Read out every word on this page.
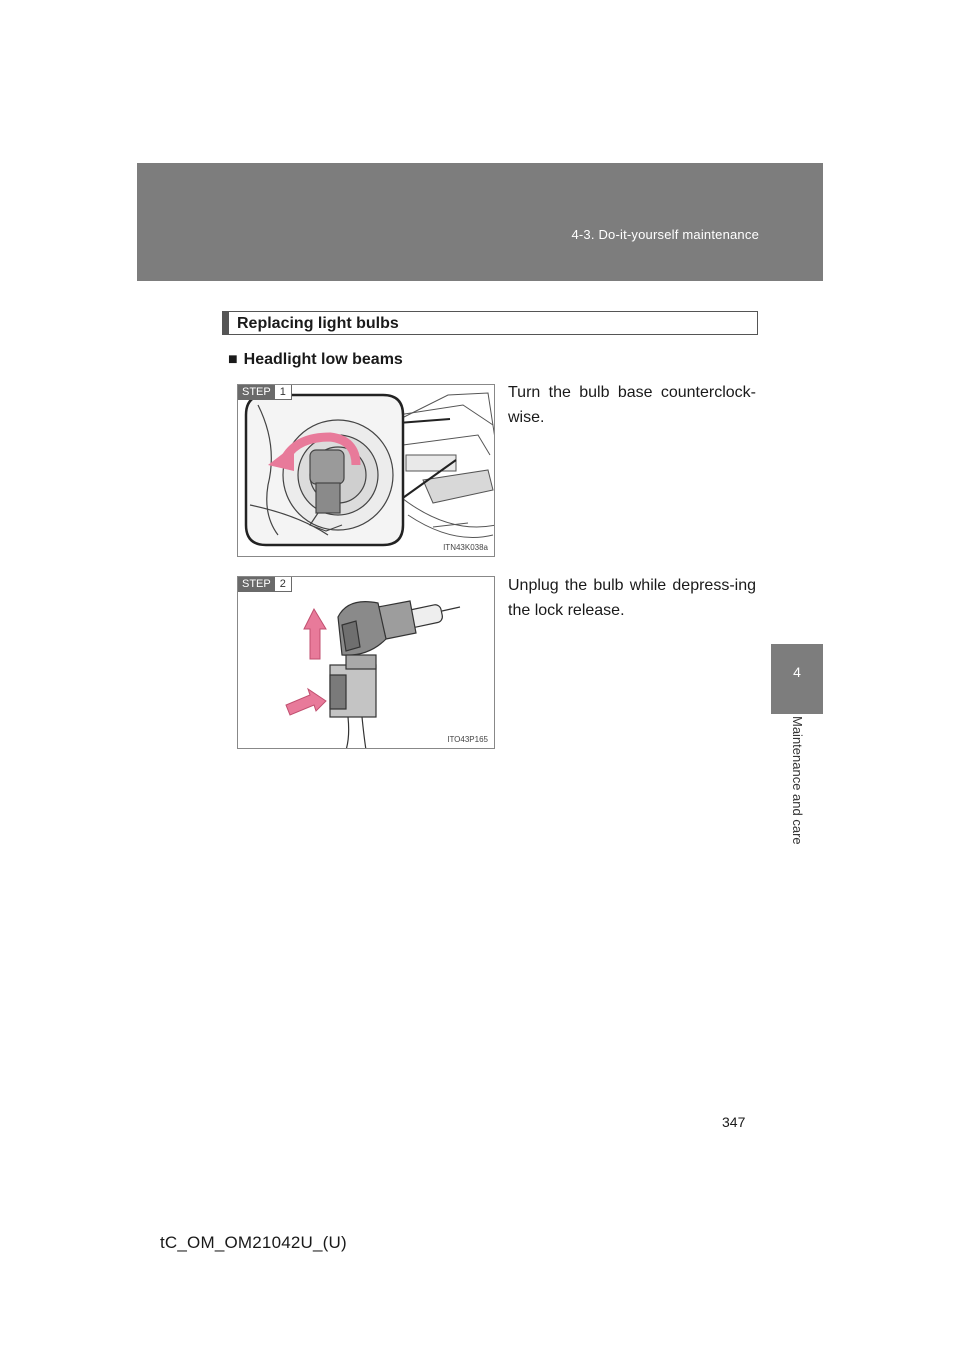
4-3. Do-it-yourself maintenance
4
Maintenance and care
Replacing light bulbs
■ Headlight low beams
STEP 1
ITN43K038a
Turn the bulb base counterclock-wise.
STEP 2
ITO43P165
Unplug the bulb while depress-ing the lock release.
347
tC_OM_OM21042U_(U)
